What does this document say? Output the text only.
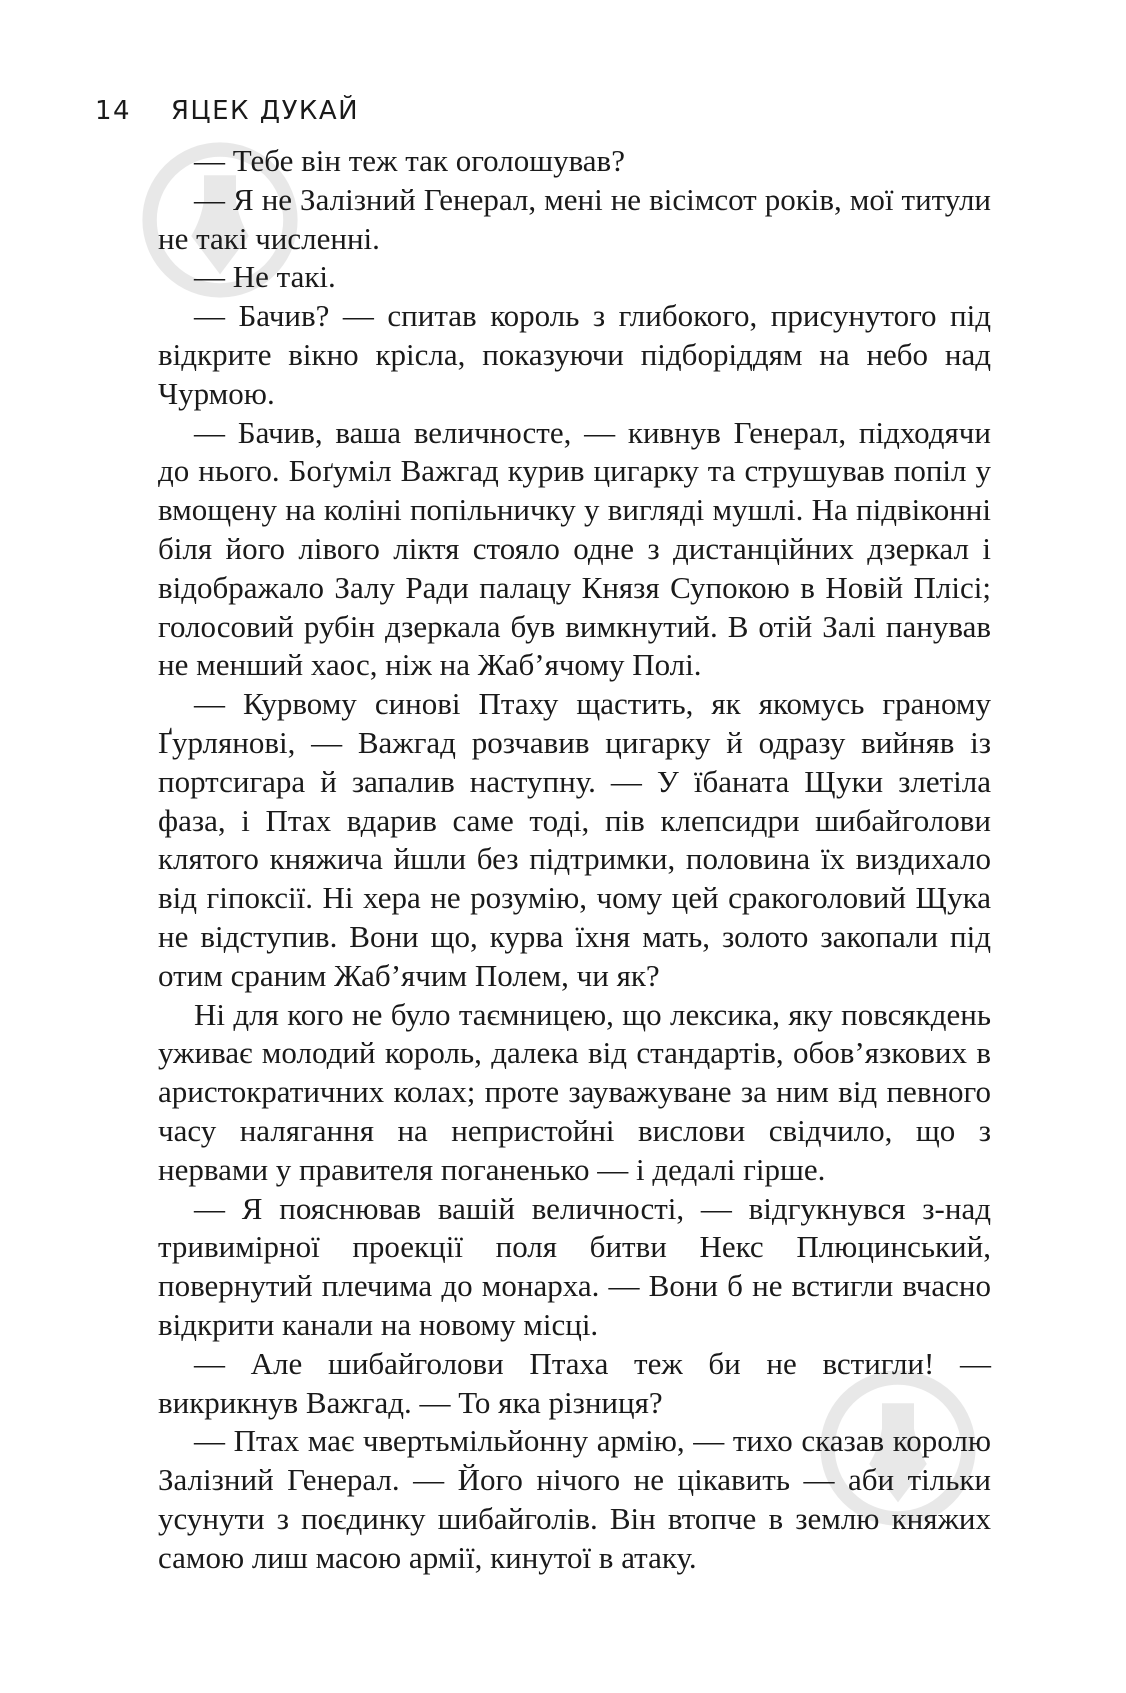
14 ЯЦЕК ДУКАЙ

— Тебе він теж так оголошував?

— Я не Залізний Генерал, мені не вісімсот років, мої титули не такі численні.

— Не такі.

— Бачив? — спитав король з глибокого, присунутого під відкрите вікно крісла, показуючи підборіддям на небо над Чурмою.

— Бачив, ваша величносте, — кивнув Генерал, підходячи до нього. Боґуміл Важгад курив цигарку та струшував попіл у вмощену на коліні попільничку у вигляді мушлі. На підвіконні біля його лівого ліктя стояло одне з дистанційних дзеркал і відображало Залу Ради палацу Князя Супокою в Новій Плісі; голосовий рубін дзеркала був вимкнутий. В отій Залі панував не менший хаос, ніж на Жаб’ячому Полі.

— Курвому синові Птаху щастить, як якомусь граному Ґурлянові, — Важгад розчавив цигарку й одразу вийняв із портсигара й запалив наступну. — У їбаната Щуки злетіла фаза, і Птах вдарив саме тоді, пів клепсидри шибайголови клятого княжича йшли без підтримки, половина їх виздихало від гіпоксії. Ні хера не розумію, чому цей сракоголовий Щука не відступив. Вони що, курва їхня мать, золото закопали під отим сраним Жаб’ячим Полем, чи як?

Ні для кого не було таємницею, що лексика, яку повсякдень уживає молодий король, далека від стандартів, обов’язкових в аристократичних колах; проте зауважуване за ним від певного часу налягання на непристойні вислови свідчило, що з нервами у правителя поганенько — і дедалі гірше.

— Я пояснював вашій величності, — відгукнувся з-над тривимірної проекції поля битви Некс Плюцинський, повернутий плечима до монарха. — Вони б не встигли вчасно відкрити канали на новому місці.

— Але шибайголови Птаха теж би не встигли! — викрикнув Важгад. — То яка різниця?

— Птах має чвертьмільйонну армію, — тихо сказав королю Залізний Генерал. — Його нічого не цікавить — аби тільки усунути з поєдинку шибайголів. Він втопче в землю княжих самою лиш масою армії, кинутої в атаку.
